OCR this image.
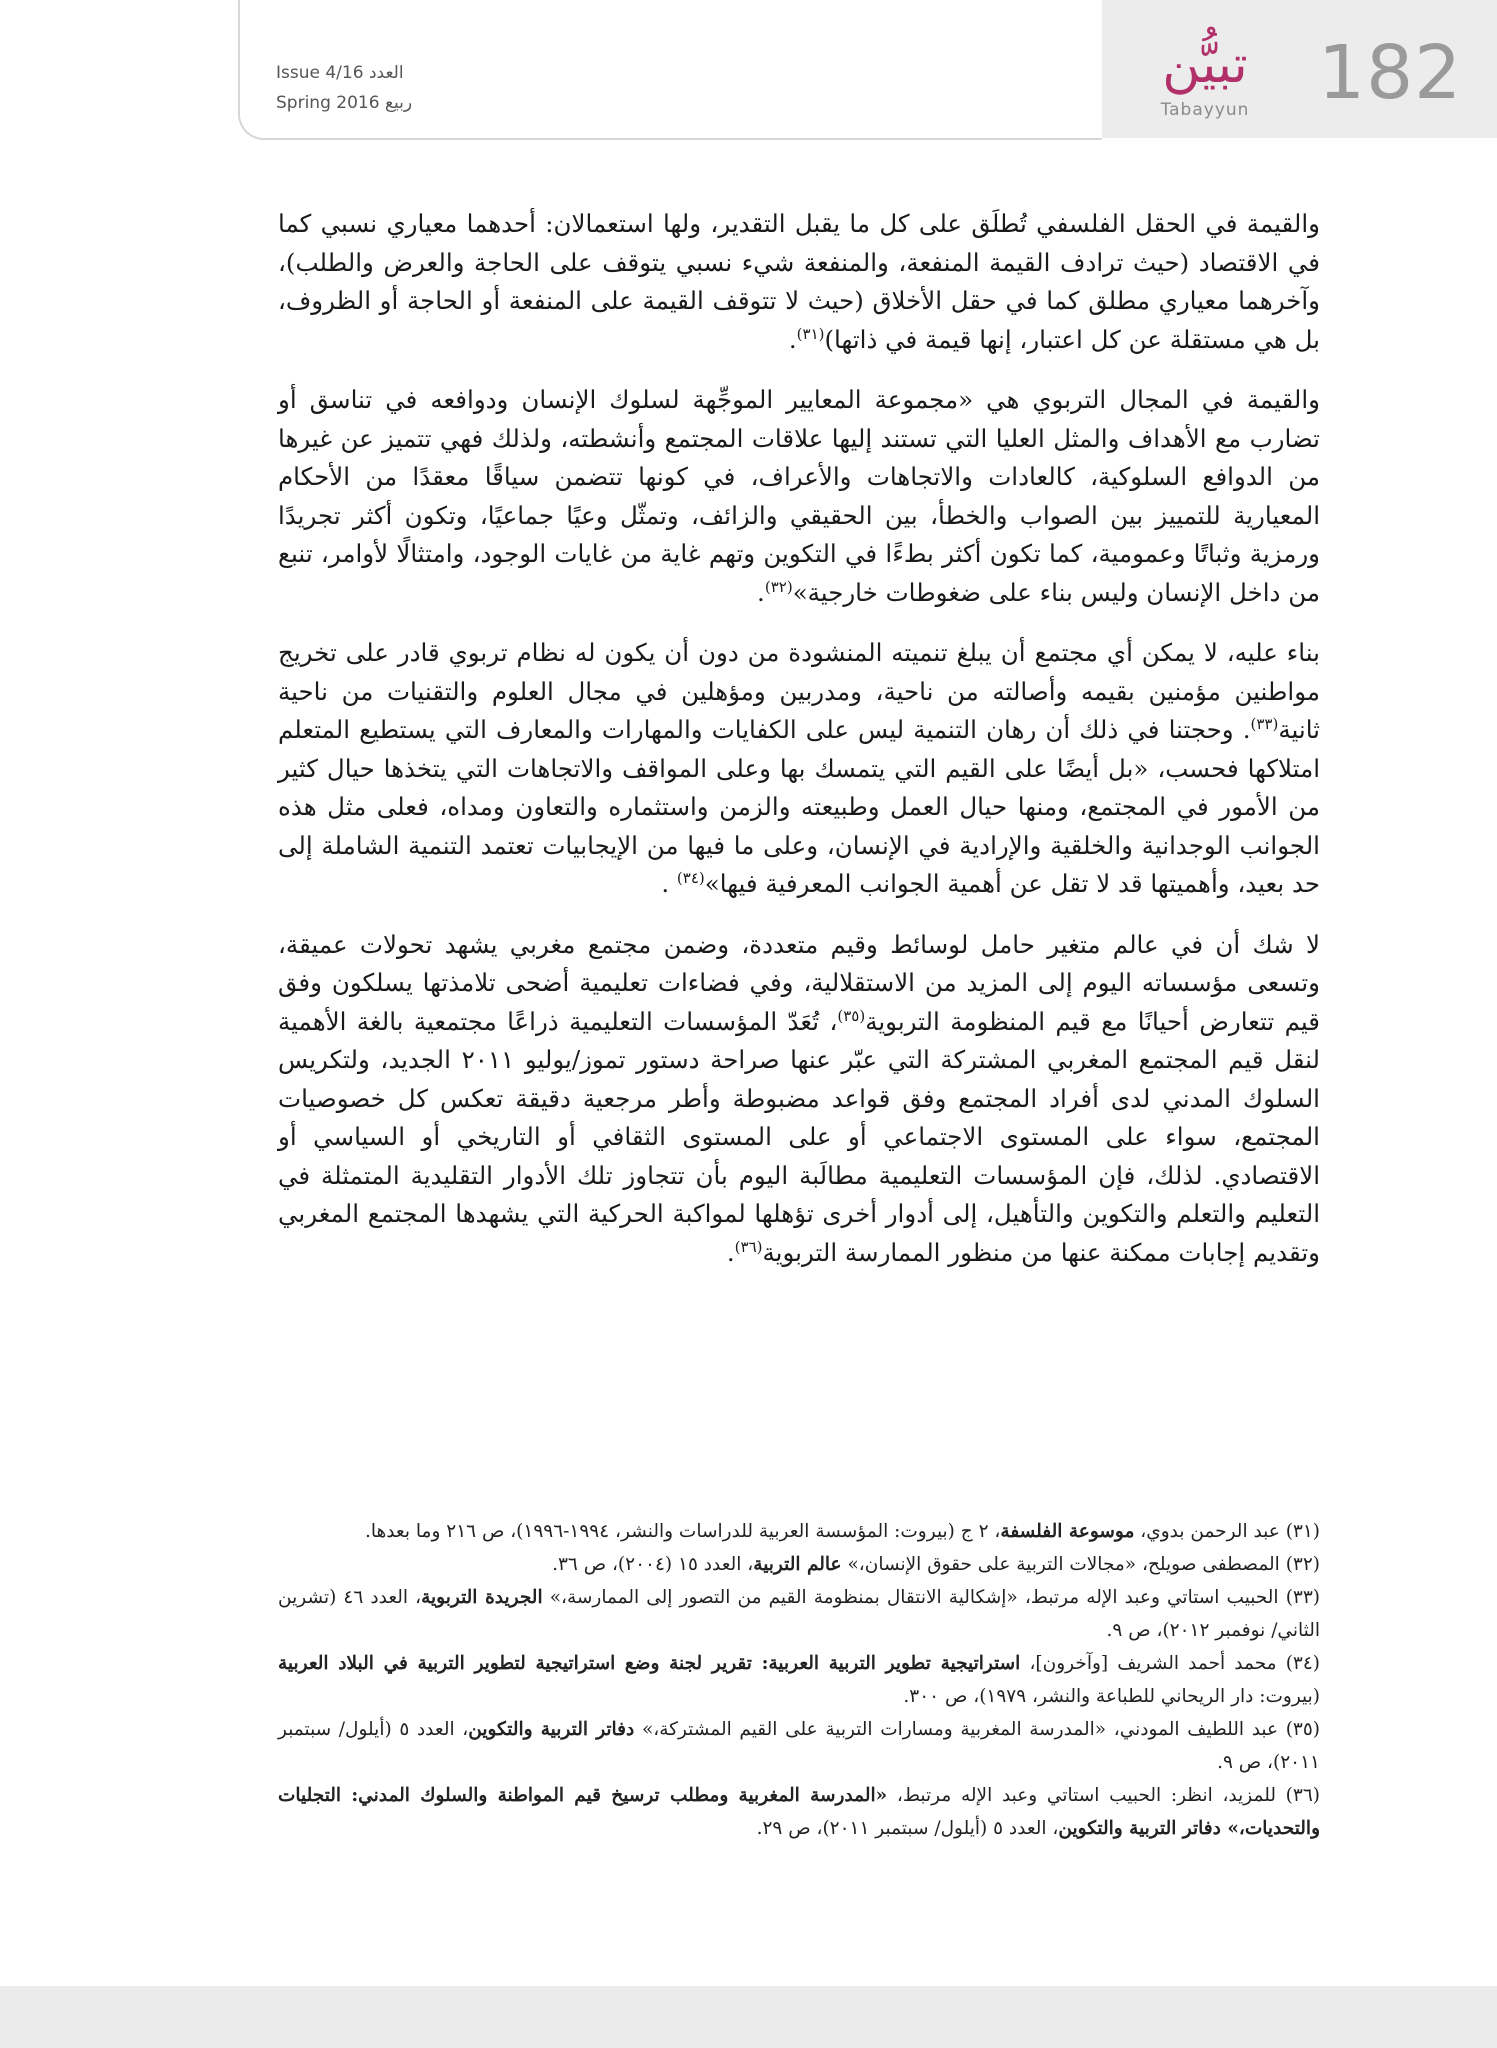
182
تبيُّن
Tabayyun
Issue 4/16 العدد
Spring 2016 ربيع

والقيمة في الحقل الفلسفي تُطلَق على كل ما يقبل التقدير، ولها استعمالان: أحدهما معياري نسبي كما في الاقتصاد (حيث ترادف القيمة المنفعة، والمنفعة شيء نسبي يتوقف على الحاجة والعرض والطلب)، وآخرهما معياري مطلق كما في حقل الأخلاق (حيث لا تتوقف القيمة على المنفعة أو الحاجة أو الظروف، بل هي مستقلة عن كل اعتبار، إنها قيمة في ذاتها)$^{(٣١)}$.

والقيمة في المجال التربوي هي «مجموعة المعايير الموجِّهة لسلوك الإنسان ودوافعه في تناسق أو تضارب مع الأهداف والمثل العليا التي تستند إليها علاقات المجتمع وأنشطته، ولذلك فهي تتميز عن غيرها من الدوافع السلوكية، كالعادات والاتجاهات والأعراف، في كونها تتضمن سياقًا معقدًا من الأحكام المعيارية للتمييز بين الصواب والخطأ، بين الحقيقي والزائف، وتمثّل وعيًا جماعيًا، وتكون أكثر تجريدًا ورمزية وثباتًا وعمومية، كما تكون أكثر بطءًا في التكوين وتهم غاية من غايات الوجود، وامتثالًا لأوامر، تنبع من داخل الإنسان وليس بناء على ضغوطات خارجية»$^{(٣٢)}$.

بناء عليه، لا يمكن أي مجتمع أن يبلغ تنميته المنشودة من دون أن يكون له نظام تربوي قادر على تخريج مواطنين مؤمنين بقيمه وأصالته من ناحية، ومدربين ومؤهلين في مجال العلوم والتقنيات من ناحية ثانية$^{(٣٣)}$. وحجتنا في ذلك أن رهان التنمية ليس على الكفايات والمهارات والمعارف التي يستطيع المتعلم امتلاكها فحسب، «بل أيضًا على القيم التي يتمسك بها وعلى المواقف والاتجاهات التي يتخذها حيال كثير من الأمور في المجتمع، ومنها حيال العمل وطبيعته والزمن واستثماره والتعاون ومداه، فعلى مثل هذه الجوانب الوجدانية والخلقية والإرادية في الإنسان، وعلى ما فيها من الإيجابيات تعتمد التنمية الشاملة إلى حد بعيد، وأهميتها قد لا تقل عن أهمية الجوانب المعرفية فيها»$^{(٣٤)}$ .

لا شك أن في عالم متغير حامل لوسائط وقيم متعددة، وضمن مجتمع مغربي يشهد تحولات عميقة، وتسعى مؤسساته اليوم إلى المزيد من الاستقلالية، وفي فضاءات تعليمية أضحى تلامذتها يسلكون وفق قيم تتعارض أحيانًا مع قيم المنظومة التربوية$^{(٣٥)}$، تُعَدّ المؤسسات التعليمية ذراعًا مجتمعية بالغة الأهمية لنقل قيم المجتمع المغربي المشتركة التي عبّر عنها صراحة دستور تموز/يوليو ٢٠١١ الجديد، ولتكريس السلوك المدني لدى أفراد المجتمع وفق قواعد مضبوطة وأطر مرجعية دقيقة تعكس كل خصوصيات المجتمع، سواء على المستوى الاجتماعي أو على المستوى الثقافي أو التاريخي أو السياسي أو الاقتصادي. لذلك، فإن المؤسسات التعليمية مطالَبة اليوم بأن تتجاوز تلك الأدوار التقليدية المتمثلة في التعليم والتعلم والتكوين والتأهيل، إلى أدوار أخرى تؤهلها لمواكبة الحركية التي يشهدها المجتمع المغربي وتقديم إجابات ممكنة عنها من منظور الممارسة التربوية$^{(٣٦)}$.

(٣١) عبد الرحمن بدوي، موسوعة الفلسفة، ٢ ج (بيروت: المؤسسة العربية للدراسات والنشر، ١٩٩٤-١٩٩٦)، ص ٢١٦ وما بعدها.

(٣٢) المصطفى صويلح، «مجالات التربية على حقوق الإنسان،» عالم التربية، العدد ١٥ (٢٠٠٤)، ص ٣٦.

(٣٣) الحبيب استاتي وعبد الإله مرتبط، «إشكالية الانتقال بمنظومة القيم من التصور إلى الممارسة،» الجريدة التربوية، العدد ٤٦ (تشرين الثاني/ نوفمبر ٢٠١٢)، ص ٩.

(٣٤) محمد أحمد الشريف [وآخرون]، استراتيجية تطوير التربية العربية: تقرير لجنة وضع استراتيجية لتطوير التربية في البلاد العربية (بيروت: دار الريحاني للطباعة والنشر، ١٩٧٩)، ص ٣٠٠.

(٣٥) عبد اللطيف المودني، «المدرسة المغربية ومسارات التربية على القيم المشتركة،» دفاتر التربية والتكوين، العدد ٥ (أيلول/ سبتمبر ٢٠١١)، ص ٩.

(٣٦) للمزيد، انظر: الحبيب استاتي وعبد الإله مرتبط، «المدرسة المغربية ومطلب ترسيخ قيم المواطنة والسلوك المدني: التجليات والتحديات،» دفاتر التربية والتكوين، العدد ٥ (أيلول/ سبتمبر ٢٠١١)، ص ٢٩.
